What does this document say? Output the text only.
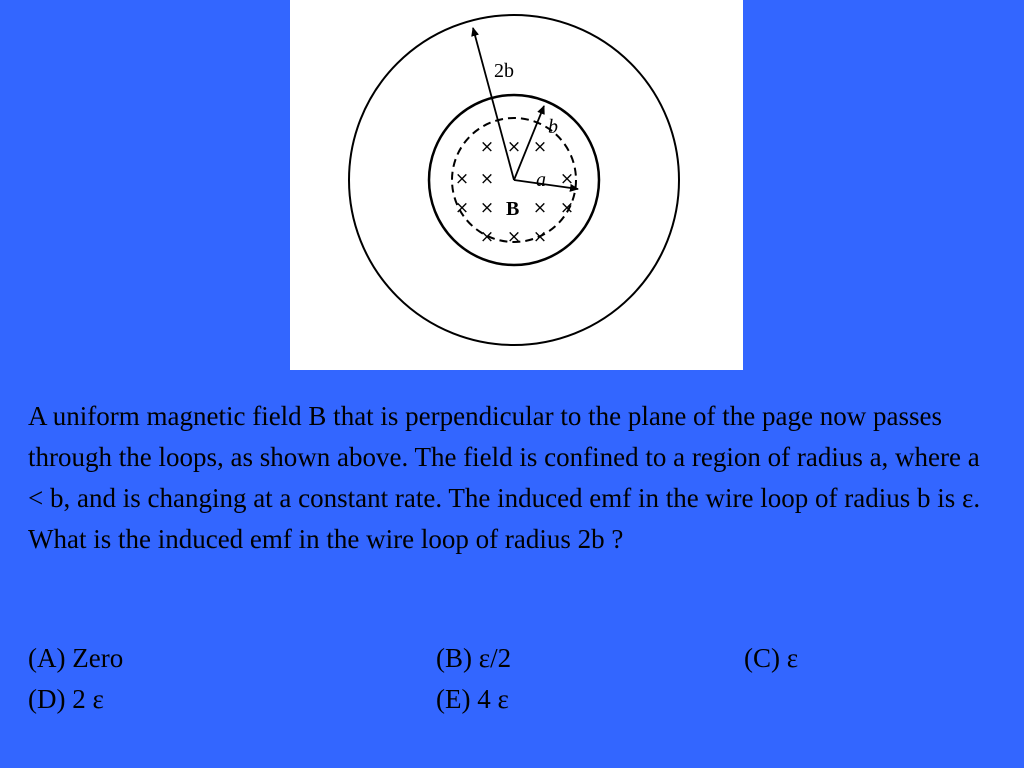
2b
b
a
B
× × ×
× ×	×
× × × ×
× × ×
A uniform magnetic field B that is perpendicular to the plane of the page now passes through the loops, as shown above. The field is confined to a region of radius a, where a < b, and is changing at a constant rate. The induced emf in the wire loop of radius b is ε. What is the induced emf in the wire loop of radius 2b ?
(A) Zero	(B) ε/2	(C) ε
(D) 2 ε	(E) 4 ε
